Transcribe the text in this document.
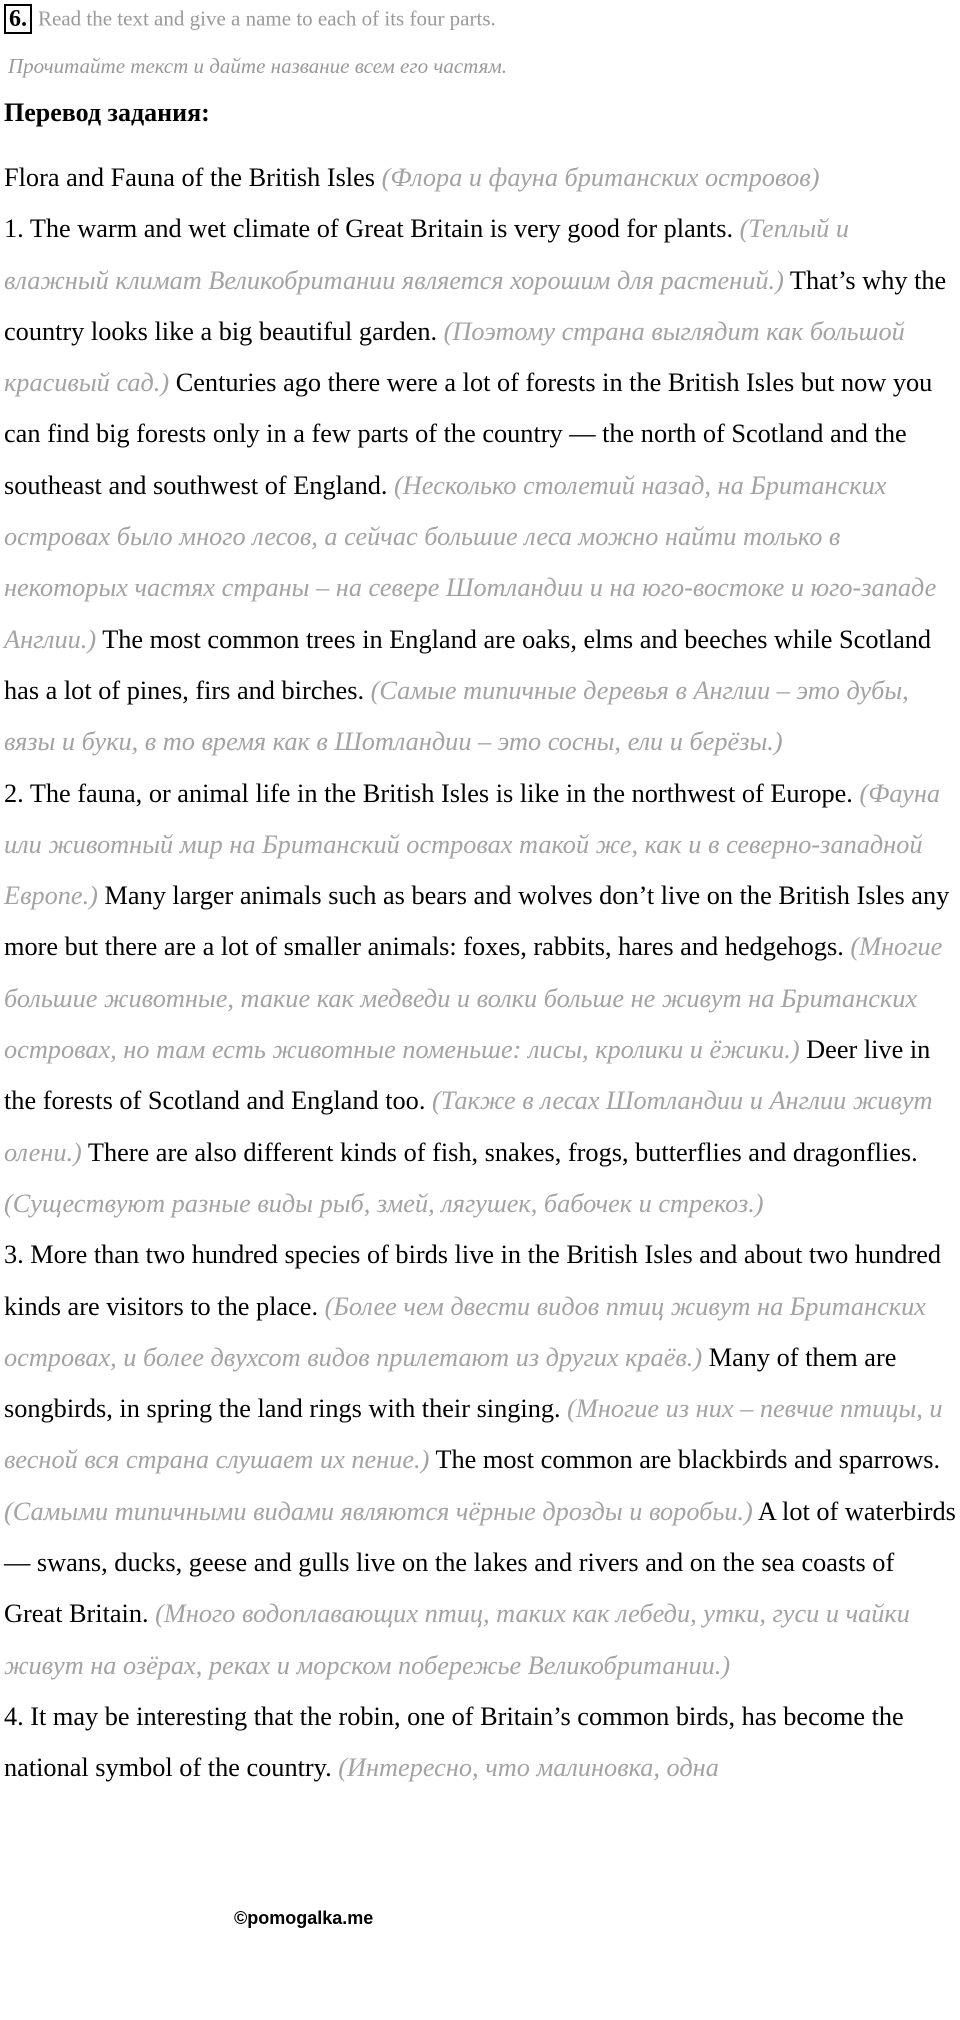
6. Read the text and give a name to each of its four parts.
Прочитайте текст и дайте название всем его частям.
Перевод задания:

Flora and Fauna of the British Isles (Флора и фауна британских островов)

1. The warm and wet climate of Great Britain is very good for plants. (Теплый и влажный климат Великобритании является хорошим для растений.) That’s why the country looks like a big beautiful garden. (Поэтому страна выглядит как большой красивый сад.) Centuries ago there were a lot of forests in the British Isles but now you can find big forests only in a few parts of the country — the north of Scotland and the southeast and southwest of England. (Несколько столетий назад, на Британских островах было много лесов, а сейчас большие леса можно найти только в некоторых частях страны – на севере Шотландии и на юго-востоке и юго-западе Англии.) The most common trees in England are oaks, elms and beeches while Scotland has a lot of pines, firs and birches. (Самые типичные деревья в Англии – это дубы, вязы и буки, в то время как в Шотландии – это сосны, ели и берёзы.)

2. The fauna, or animal life in the British Isles is like in the northwest of Europe. (Фауна или животный мир на Британский островах такой же, как и в северно-западной Европе.) Many larger animals such as bears and wolves don’t live on the British Isles any more but there are a lot of smaller animals: foxes, rabbits, hares and hedgehogs. (Многие большие животные, такие как медведи и волки больше не живут на Британских островах, но там есть животные поменьше: лисы, кролики и ёжики.) Deer live in the forests of Scotland and England too. (Также в лесах Шотландии и Англии живут олени.) There are also different kinds of fish, snakes, frogs, butterflies and dragonflies. (Существуют разные виды рыб, змей, лягушек, бабочек и стрекоз.)

3. More than two hundred species of birds live in the British Isles and about two hundred kinds are visitors to the place. (Более чем двести видов птиц живут на Британских островах, и более двухсот видов прилетают из других краёв.) Many of them are songbirds, in spring the land rings with their singing. (Многие из них – певчие птицы, и весной вся страна слушает их пение.) The most common are blackbirds and sparrows. (Самыми типичными видами являются чёрные дрозды и воробьи.) A lot of waterbirds — swans, ducks, geese and gulls live on the lakes and rivers and on the sea coasts of Great Britain. (Много водоплавающих птиц, таких как лебеди, утки, гуси и чайки живут на озёрах, реках и морском побережье Великобритании.)

4. It may be interesting that the robin, one of Britain’s common birds, has become the national symbol of the country. (Интересно, что малиновка, одна

©pomogalka.me
